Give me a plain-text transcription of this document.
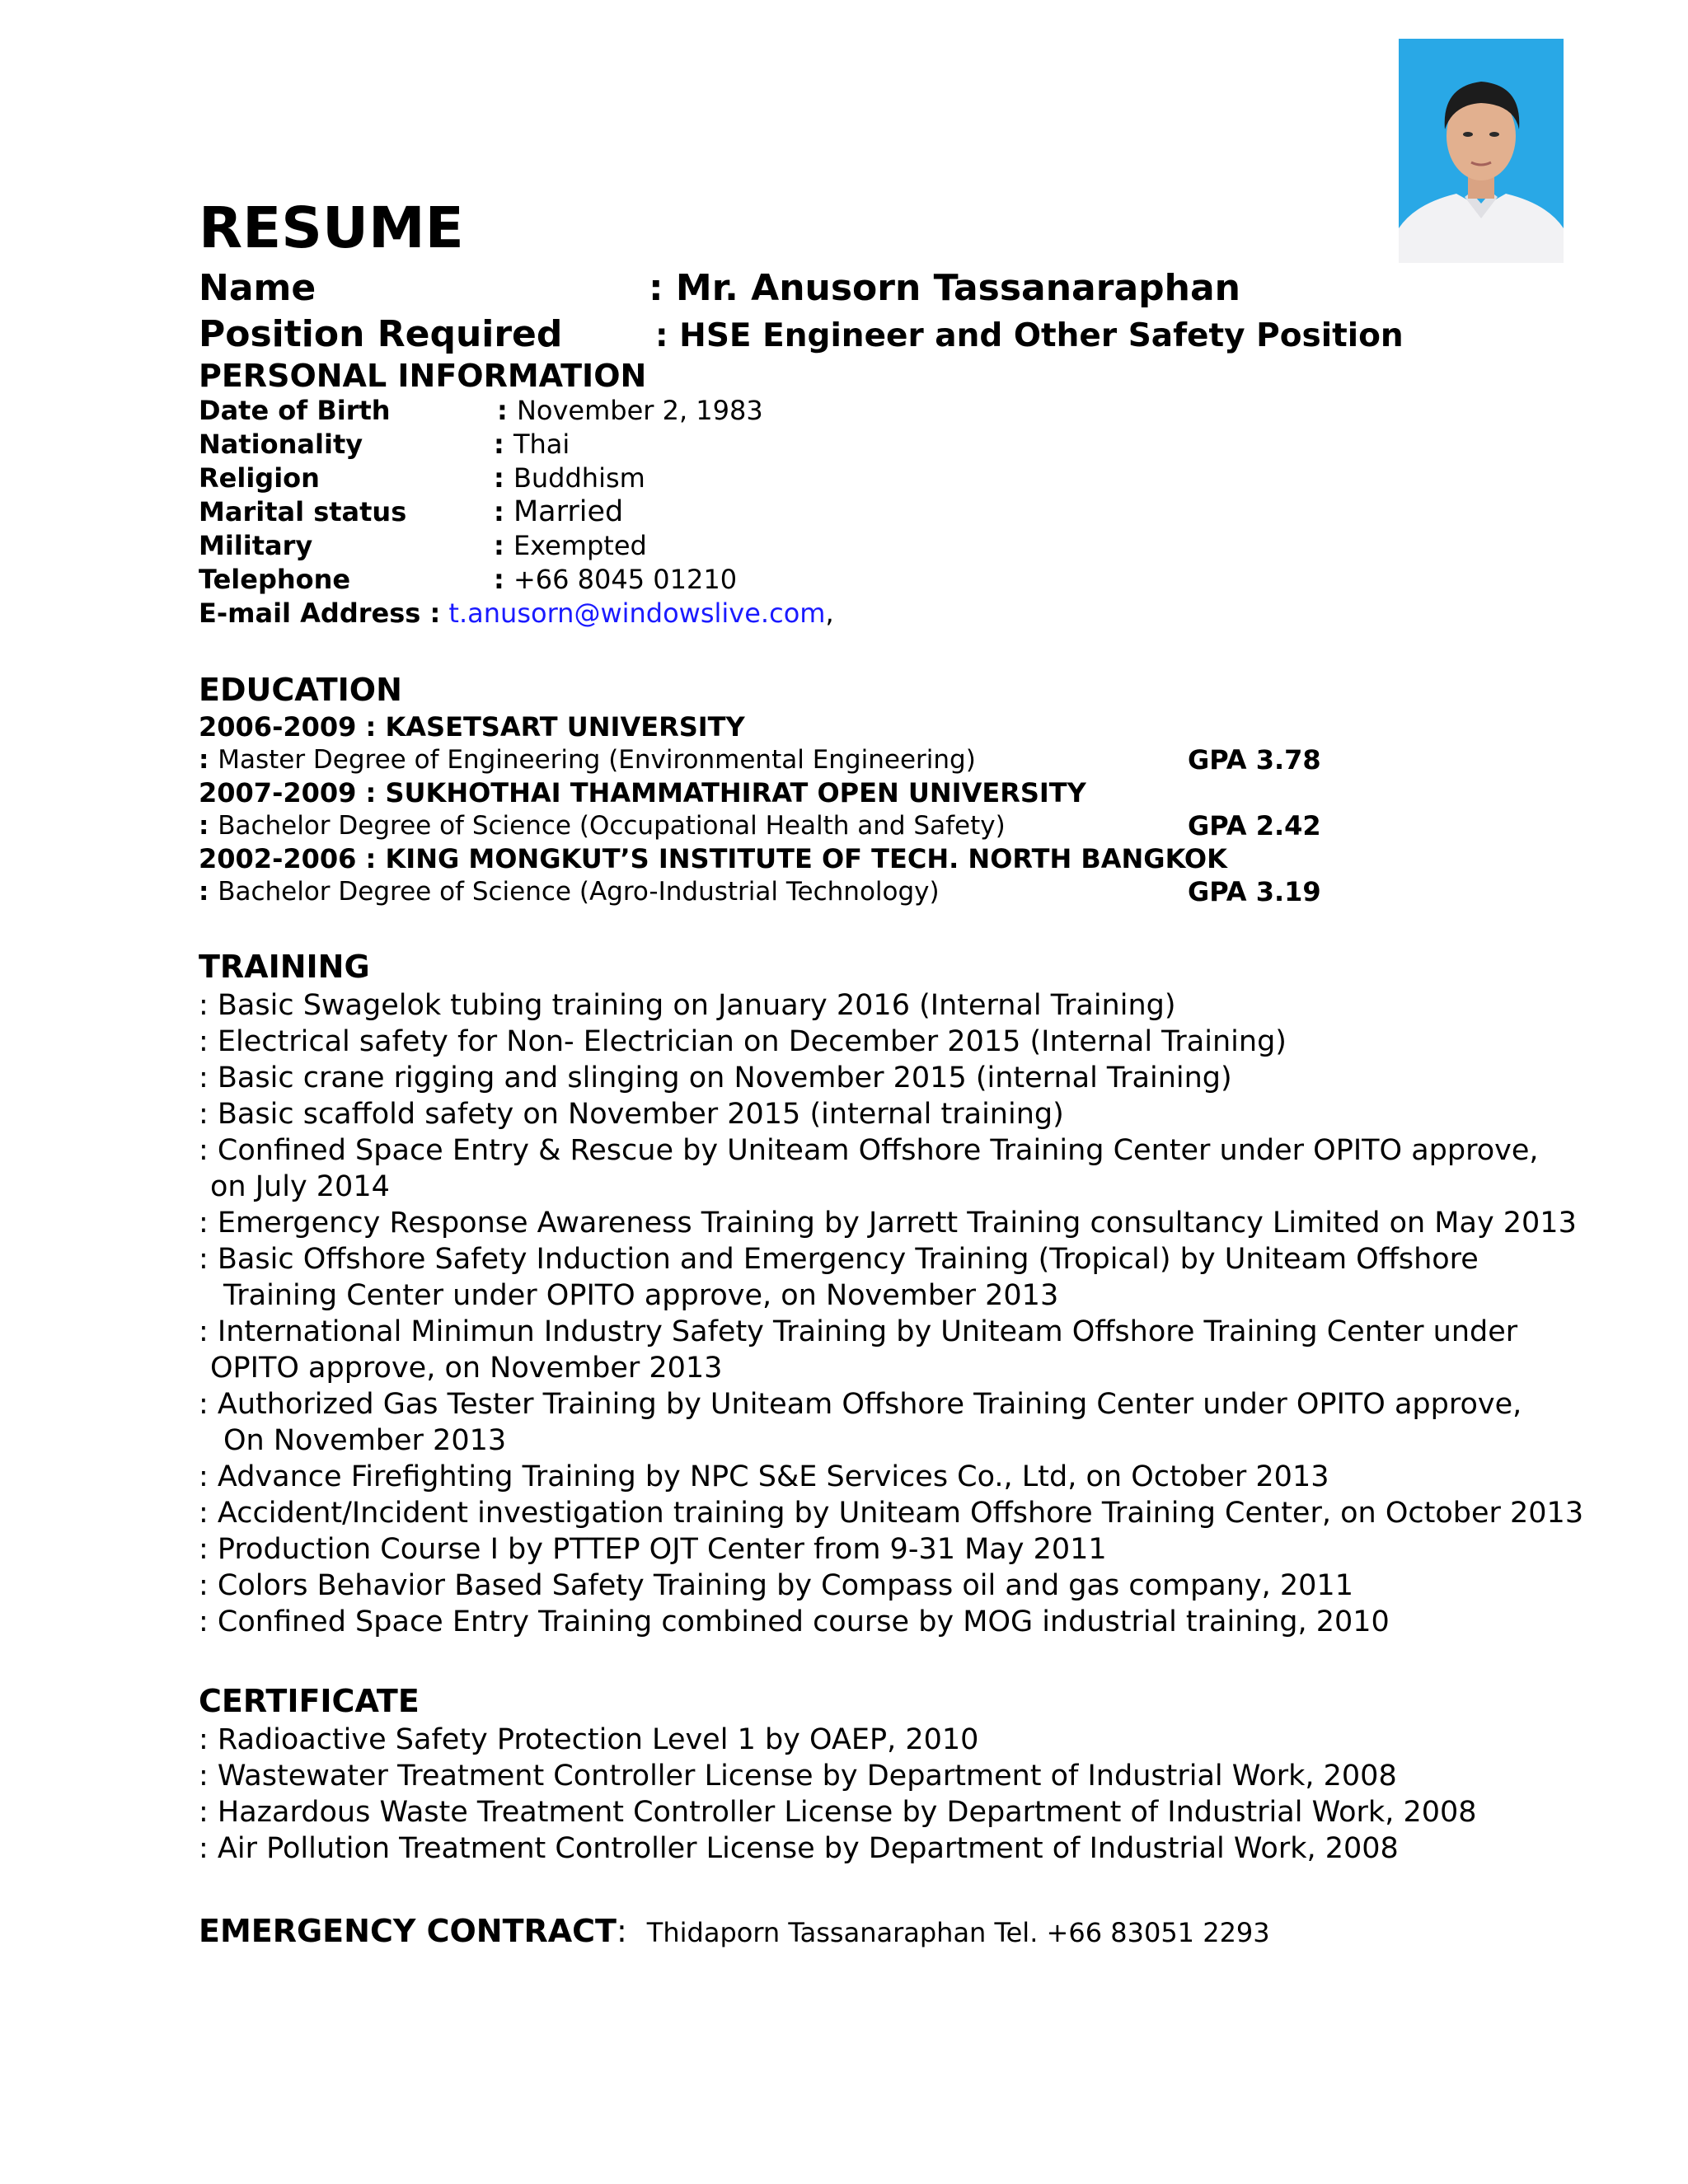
RESUME
Name	: Mr. Anusorn Tassanaraphan
Position Required	: HSE Engineer and Other Safety Position
PERSONAL INFORMATION
Date of Birth	: November 2, 1983
Nationality	: Thai
Religion	: Buddhism
Marital status	: Married
Military	: Exempted
Telephone	: +66 8045 01210
E-mail Address : t.anusorn@windowslive.com,
EDUCATION
2006-2009 : KASETSART UNIVERSITY
: Master Degree of Engineering (Environmental Engineering)	GPA 3.78
2007-2009 : SUKHOTHAI THAMMATHIRAT OPEN UNIVERSITY
: Bachelor Degree of Science (Occupational Health and Safety)	GPA 2.42
2002-2006 : KING MONGKUT’S INSTITUTE OF TECH. NORTH BANGKOK
: Bachelor Degree of Science (Agro-Industrial Technology)	GPA 3.19
TRAINING
: Basic Swagelok tubing training on January 2016 (Internal Training)
: Electrical safety for Non- Electrician on December 2015 (Internal Training)
: Basic crane rigging and slinging on November 2015 (internal Training)
: Basic scaffold safety on November 2015 (internal training)
: Confined Space Entry & Rescue by Uniteam Offshore Training Center under OPITO approve,
on July 2014
: Emergency Response Awareness Training by Jarrett Training consultancy Limited on May 2013
: Basic Offshore Safety Induction and Emergency Training (Tropical) by Uniteam Offshore
Training Center under OPITO approve, on November 2013
: International Minimun Industry Safety Training by Uniteam Offshore Training Center under
OPITO approve, on November 2013
: Authorized Gas Tester Training by Uniteam Offshore Training Center under OPITO approve,
On November 2013
: Advance Firefighting Training by NPC S&E Services Co., Ltd, on October 2013
: Accident/Incident investigation training by Uniteam Offshore Training Center, on October 2013
: Production Course I by PTTEP OJT Center from 9-31 May 2011
: Colors Behavior Based Safety Training by Compass oil and gas company, 2011
: Confined Space Entry Training combined course by MOG industrial training, 2010
CERTIFICATE
: Radioactive Safety Protection Level 1 by OAEP, 2010
: Wastewater Treatment Controller License by Department of Industrial Work, 2008
: Hazardous Waste Treatment Controller License by Department of Industrial Work, 2008
: Air Pollution Treatment Controller License by Department of Industrial Work, 2008
EMERGENCY CONTRACT: Thidaporn Tassanaraphan Tel. +66 83051 2293
